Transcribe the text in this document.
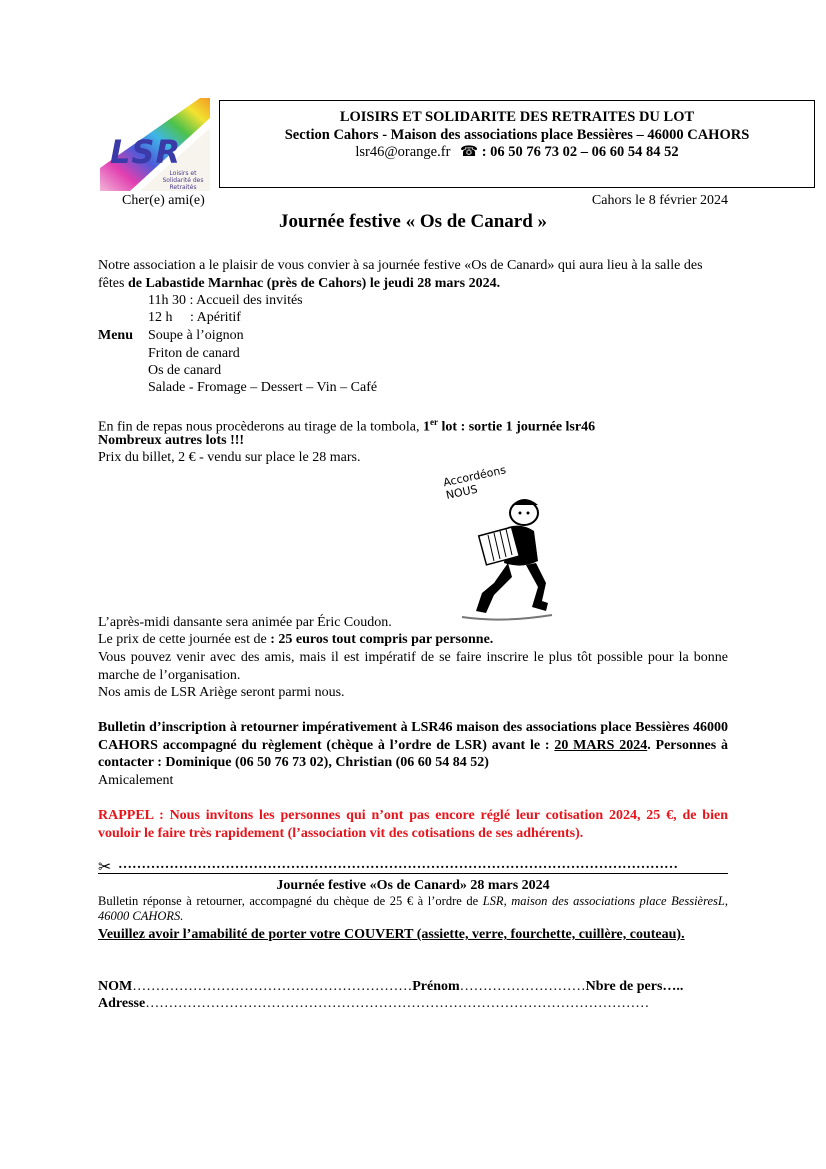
LSR
Loisirs et Solidarité des Retraités
LOISIRS ET SOLIDARITE DES RETRAITES DU LOT
Section Cahors - Maison des associations place Bessières – 46000 CAHORS
lsr46@orange.fr ☎ : 06 50 76 73 02 – 06 60 54 84 52
Cher(e) ami(e)	Cahors le 8 février 2024
Journée festive « Os de Canard »
Notre association a le plaisir de vous convier à sa journée festive «Os de Canard» qui aura lieu à la salle des fêtes de Labastide Marnhac (près de Cahors) le jeudi 28 mars 2024.
11h 30 : Accueil des invités
12 h     : Apéritif
Menu Soupe à l’oignon
Friton de canard
Os de canard
Salade - Fromage – Dessert – Vin – Café
En fin de repas nous procèderons au tirage de la tombola, 1er lot : sortie 1 journée lsr46
Nombreux autres lots !!!
Prix du billet, 2 € - vendu sur place le 28 mars.
Accordéons NOUS
L’après-midi dansante sera animée par Éric Coudon.
Le prix de cette journée est de : 25 euros tout compris par personne.
Vous pouvez venir avec des amis, mais il est impératif de se faire inscrire le plus tôt possible pour la bonne marche de l’organisation.
Nos amis de LSR Ariège seront parmi nous.
Bulletin d’inscription à retourner impérativement à LSR46 maison des associations place Bessières 46000 CAHORS accompagné du règlement (chèque à l’ordre de LSR) avant le : 20 MARS 2024. Personnes à contacter : Dominique (06 50 76 73 02), Christian (06 60 54 84 52)
Amicalement
RAPPEL : Nous invitons les personnes qui n’ont pas encore réglé leur cotisation 2024, 25 €, de bien vouloir le faire très rapidement (l’association vit des cotisations de ses adhérents).
✂ …………………………………………………………………………………………………………
Journée festive «Os de Canard» 28 mars 2024
Bulletin réponse à retourner, accompagné du chèque de 25 € à l’ordre de LSR, maison des associations place BessièresL, 46000 CAHORS.
Veuillez avoir l’amabilité de porter votre COUVERT (assiette, verre, fourchette, cuillère, couteau).
NOM……………………………………………………Prénom………………………Nbre de pers…..
Adresse………………………………………………………………………………………………
